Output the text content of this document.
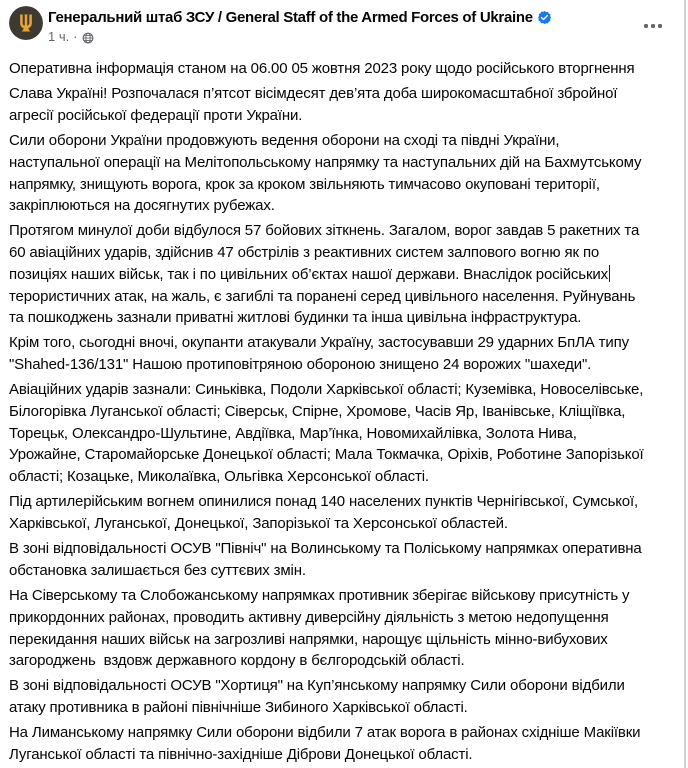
Генеральний штаб ЗСУ / General Staff of the Armed Forces of Ukraine
1 ч. ·

Оперативна інформація станом на 06.00 05 жовтня 2023 року щодо російського вторгнення

Слава Україні! Розпочалася п’ятсот вісімдесят дев’ята доба широкомасштабної збройної
агресії російської федерації проти України.

Сили оборони України продовжують ведення оборони на сході та півдні України,
наступальної операції на Мелітопольському напрямку та наступальних дій на Бахмутському
напрямку, знищують ворога, крок за кроком звільняють тимчасово окуповані території,
закріплюються на досягнутих рубежах.

Протягом минулої доби відбулося 57 бойових зіткнень. Загалом, ворог завдав 5 ракетних та
60 авіаційних ударів, здійснив 47 обстрілів з реактивних систем залпового вогню як по
позиціях наших військ, так і по цивільних об’єктах нашої держави. Внаслідок російських
терористичних атак, на жаль, є загиблі та поранені серед цивільного населення. Руйнувань
та пошкоджень зазнали приватні житлові будинки та інша цивільна інфраструктура.

Крім того, сьогодні вночі, окупанти атакували Україну, застосувавши 29 ударних БпЛА типу
"Shahed-136/131" Нашою протиповітряною обороною знищено 24 ворожих "шахеди".

Авіаційних ударів зазнали: Синьківка, Подоли Харківської області; Куземівка, Новоселівське,
Білогорівка Луганської області; Сіверськ, Спірне, Хромове, Часів Яр, Іванівське, Кліщіївка,
Торецьк, Олександро-Шультине, Авдіївка, Мар’їнка, Новомихайлівка, Золота Нива,
Урожайне, Старомайорське Донецької області; Мала Токмачка, Оріхів, Роботине Запорізької
області; Козацьке, Миколаївка, Ольгівка Херсонської області.

Під артилерійським вогнем опинилися понад 140 населених пунктів Чернігівської, Сумської,
Харківської, Луганської, Донецької, Запорізької та Херсонської областей.

В зоні відповідальності ОСУВ "Північ" на Волинському та Поліському напрямках оперативна
обстановка залишається без суттєвих змін.

На Сіверському та Слобожанському напрямках противник зберігає військову присутність у
прикордонних районах, проводить активну диверсійну діяльність з метою недопущення
перекидання наших військ на загрозливі напрямки, нарощує щільність мінно-вибухових
загороджень  вздовж державного кордону в бєлгородській області.

В зоні відповідальності ОСУВ "Хортиця" на Куп’янському напрямку Сили оборони відбили
атаку противника в районі північніше Зибиного Харківської області.

На Лиманському напрямку Сили оборони відбили 7 атак ворога в районах східніше Макіївки
Луганської області та північно-західніше Діброви Донецької області.
